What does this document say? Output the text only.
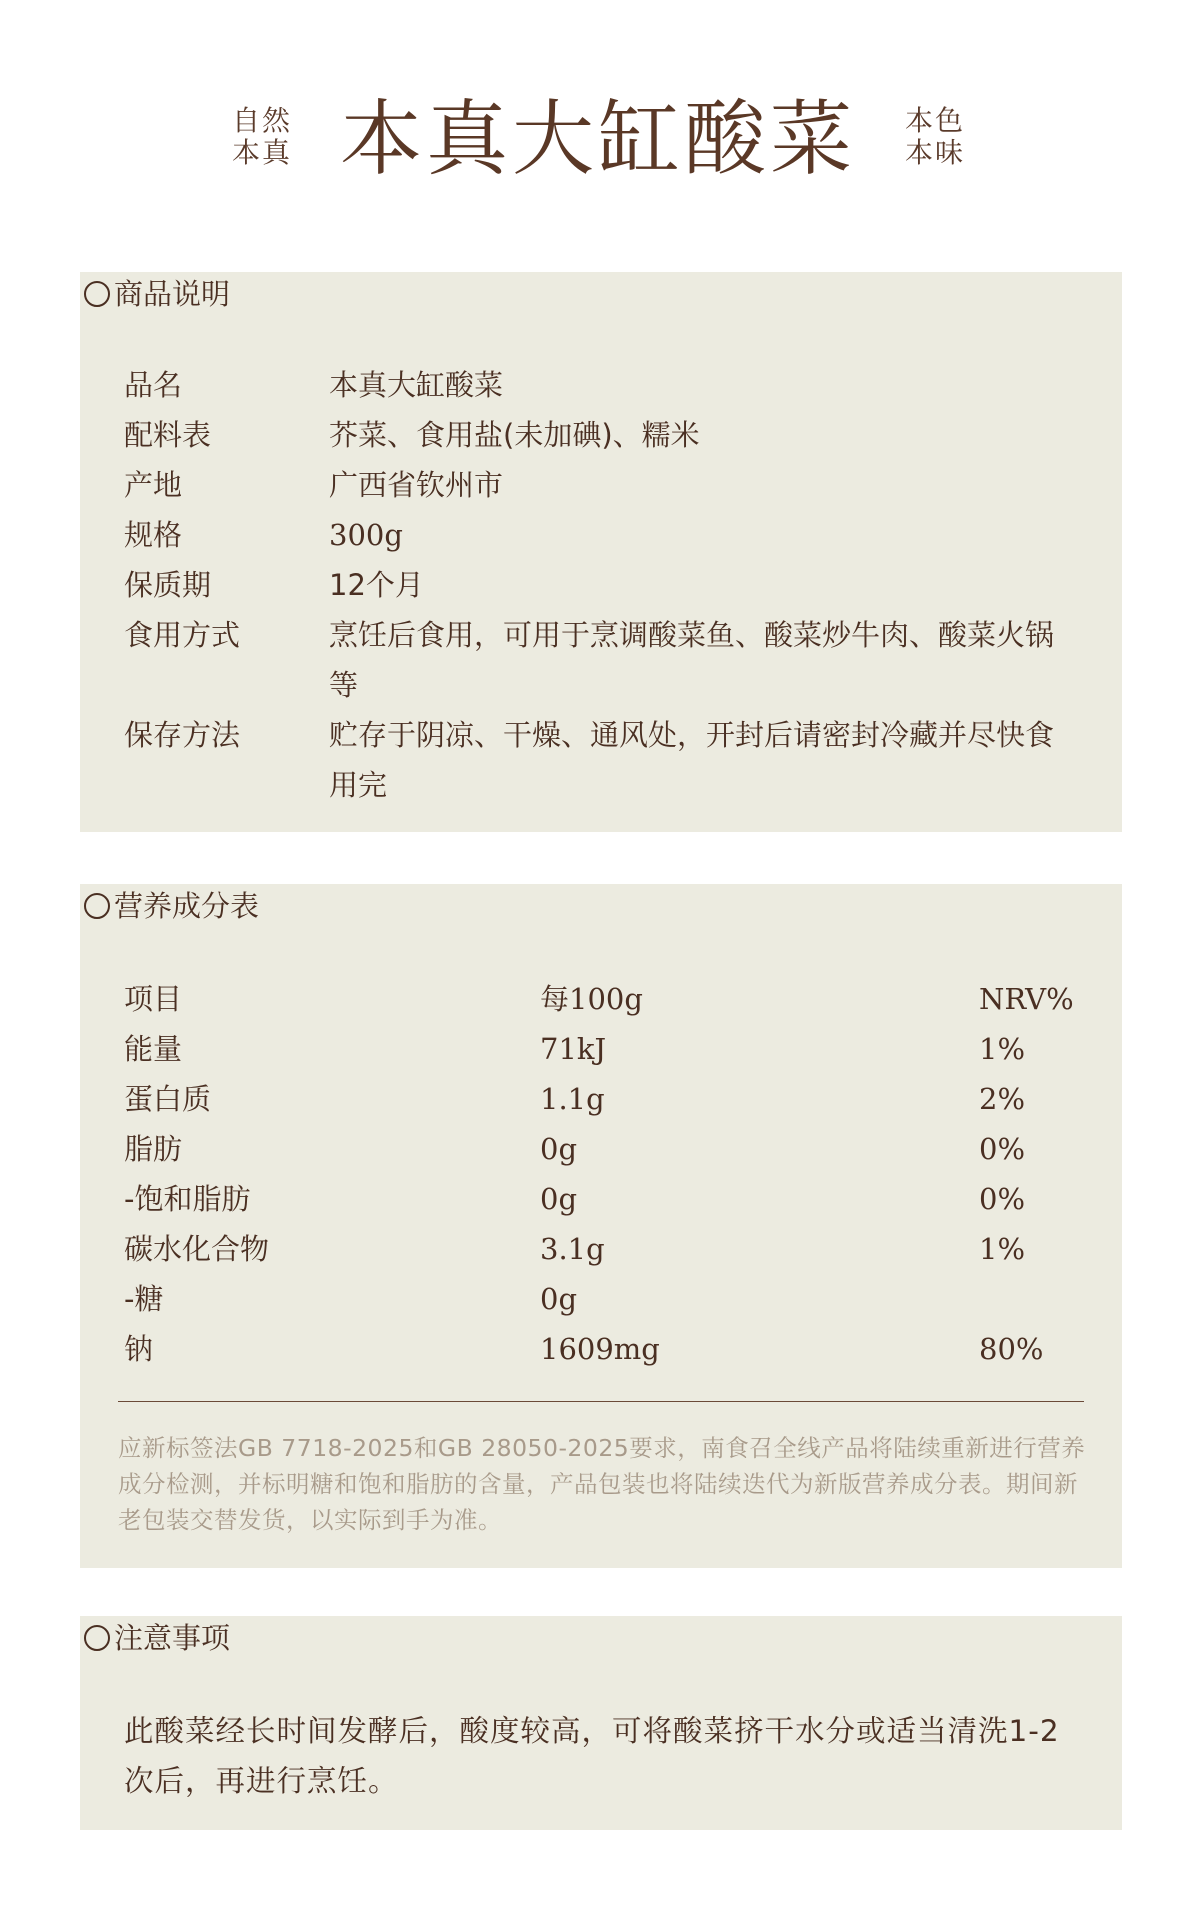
自然
本真 本真大缸酸菜 本色
本味
商品说明
品名	本真大缸酸菜
配料表	芥菜、食用盐(未加碘)、糯米
产地	广西省钦州市
规格	300g
保质期	12个月
食用方式	烹饪后食用，可用于烹调酸菜鱼、酸菜炒牛肉、酸菜火锅等
保存方法	贮存于阴凉、干燥、通风处，开封后请密封冷藏并尽快食用完
营养成分表
项目	每100g	NRV%
能量	71kJ	1%
蛋白质	1.1g	2%
脂肪	0g	0%
-饱和脂肪	0g	0%
碳水化合物	3.1g	1%
-糖	0g
钠	1609mg	80%
应新标签法GB 7718-2025和GB 28050-2025要求，南食召全线产品将陆续重新进行营养成分检测，并标明糖和饱和脂肪的含量，产品包装也将陆续迭代为新版营养成分表。期间新老包装交替发货，以实际到手为准。
注意事项
此酸菜经长时间发酵后，酸度较高，可将酸菜挤干水分或适当清洗1-2次后，再进行烹饪。
